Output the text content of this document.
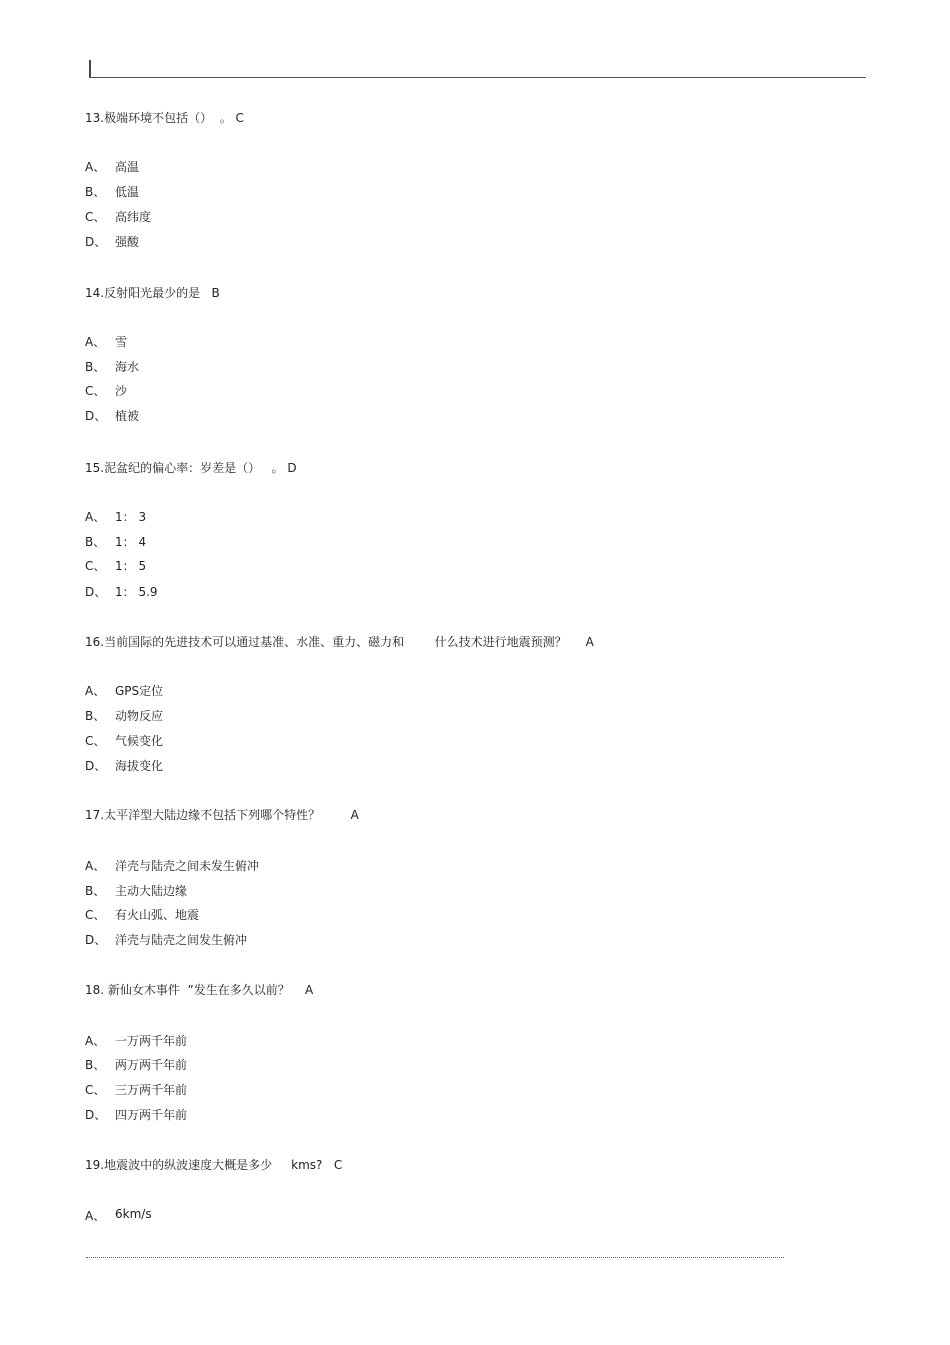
13.极端环境不包括（）  。 C
A、 高温
B、 低温
C、 高纬度
D、 强酸
14.反射阳光最少的是   B
A、 雪
B、 海水
C、 沙
D、 植被
15.泥盆纪的偏心率：岁差是（）   。 D
A、 1： 3
B、 1： 4
C、 1： 5
D、 1： 5.9
16.当前国际的先进技术可以通过基准、水准、重力、磁力和        什么技术进行地震预测？     A
A、 GPS定位
B、 动物反应
C、 气候变化
D、 海拔变化
17.太平洋型大陆边缘不包括下列哪个特性？        A
A、 洋壳与陆壳之间未发生俯冲
B、 主动大陆边缘
C、 有火山弧、地震
D、 洋壳与陆壳之间发生俯冲
18. 新仙女木事件  ”发生在多久以前？    A
A、 一万两千年前
B、 两万两千年前
C、 三万两千年前
D、 四万两千年前
19.地震波中的纵波速度大概是多少     kms?   C
A、 6km/s
